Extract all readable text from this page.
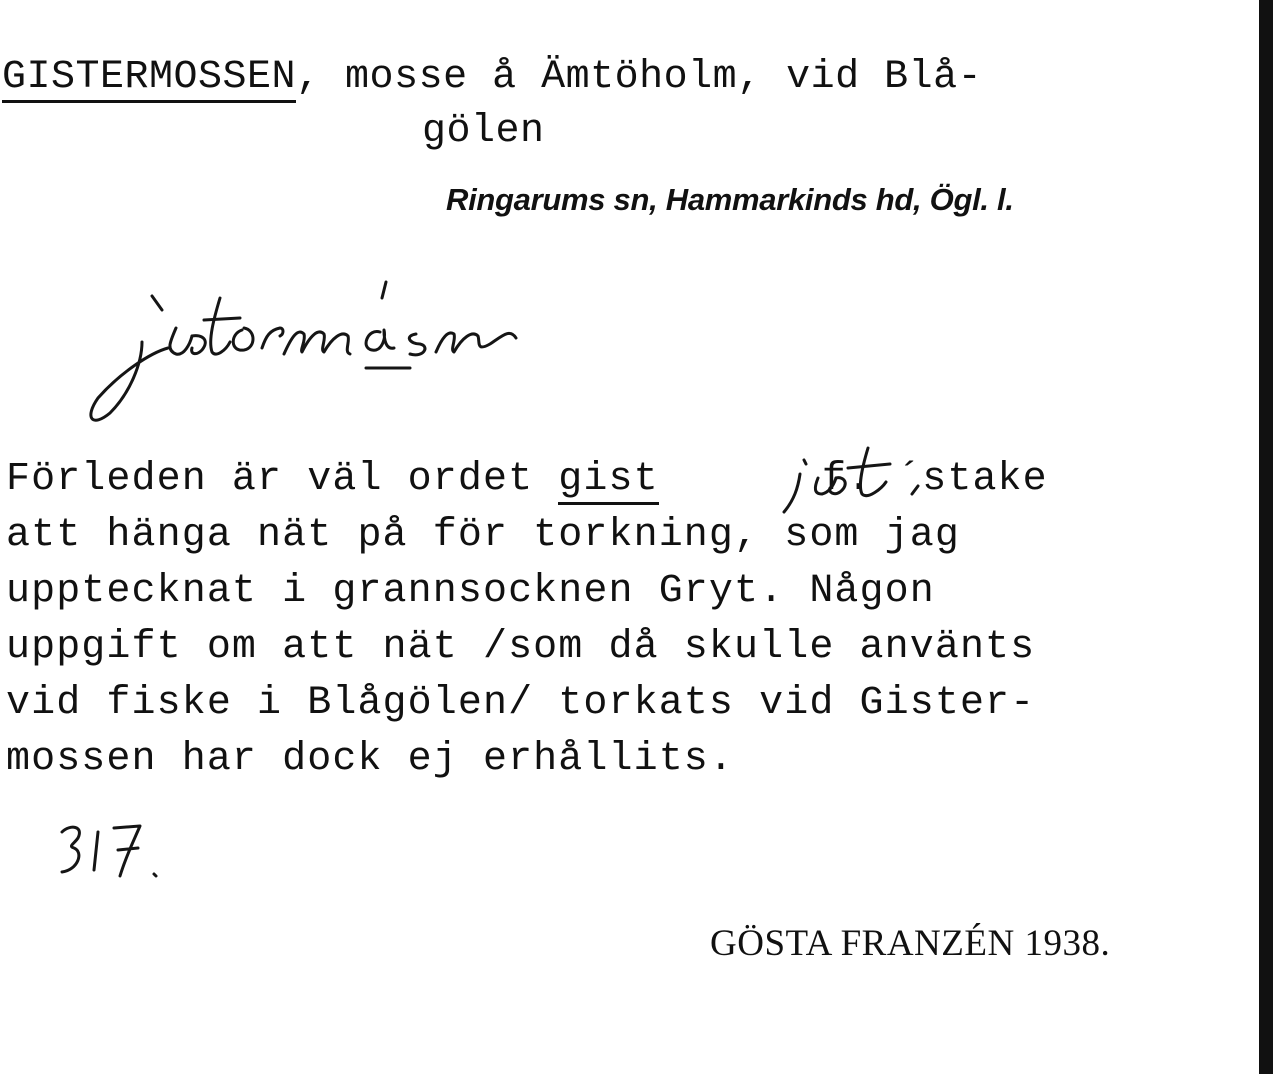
GISTERMOSSEN, mosse å Ämtöholm, vid Blå-
gölen
Ringarums sn, Hammarkinds hd, Ögl. l.
Förleden är väl ordet gist	f. ´stake
att hänga nät på för torkning, som jag
upptecknat i grannsocknen Gryt. Någon
uppgift om att nät /som då skulle använts
vid fiske i Blågölen/ torkats vid Gister-
mossen har dock ej erhållits.
GÖSTA FRANZÉN 1938.
